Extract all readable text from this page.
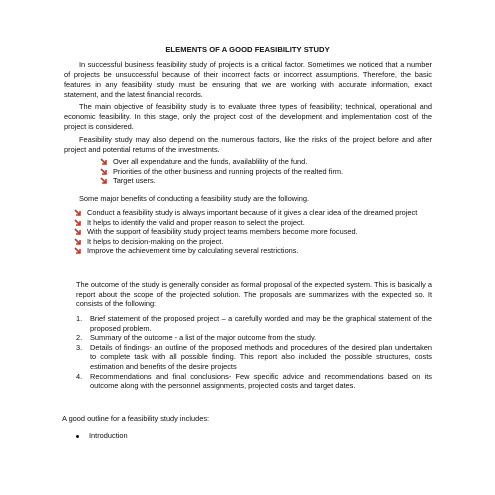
ELEMENTS OF A GOOD FEASIBILITY STUDY

In successful business feasibility study of projects is a critical factor. Sometimes we noticed that a number of projects be unsuccessful because of their incorrect facts or incorrect assumptions. Therefore, the basic features in any feasibility study must be ensuring that we are working with accurate information, exact statement, and the latest financial records.

The main objective of feasibility study is to evaluate three types of feasibility; technical, operational and economic feasibility. In this stage, only the project cost of the development and implementation cost of the project is considered.

Feasibility study may also depend on the numerous factors, like the risks of the project before and after project and potential returns of the investments.

Over all expendature and the funds, availablility of the fund.
Priorities of the other business and running projects of the realted firm.
Target users.

Some major benefits of conducting a feasibility study are the following.

Conduct a feasibility study is always important because of it gives a clear idea of the dreamed project
It helps to identify the valid and proper reason to select the project.
With the support of feasibility study project teams members become more focused.
It helps to decision-making on the project.
Improve the achievement time by calculating several restrictions.

The outcome of the study is generally consider as formal proposal of the expected system. This is basically a report about the scope of the projected solution. The proposals are summarizes with the expected so. It consists of the following:

1. Brief statement of the proposed project – a carefully worded and may be the graphical statement of the proposed problem.
2. Summary of the outcome - a list of the major outcome from the study.
3. Details of findings- an outline of the proposed methods and procedures of the desired plan undertaken to complete task with all possible finding. This report also included the possible structures, costs estimation and benefits of the desire projects
4. Recommendations and final conclusions- Few specific advice and recommendations based on its outcome along with the personnel assignments, projected costs and target dates.

A good outline for a feasibility study includes:

Introduction
